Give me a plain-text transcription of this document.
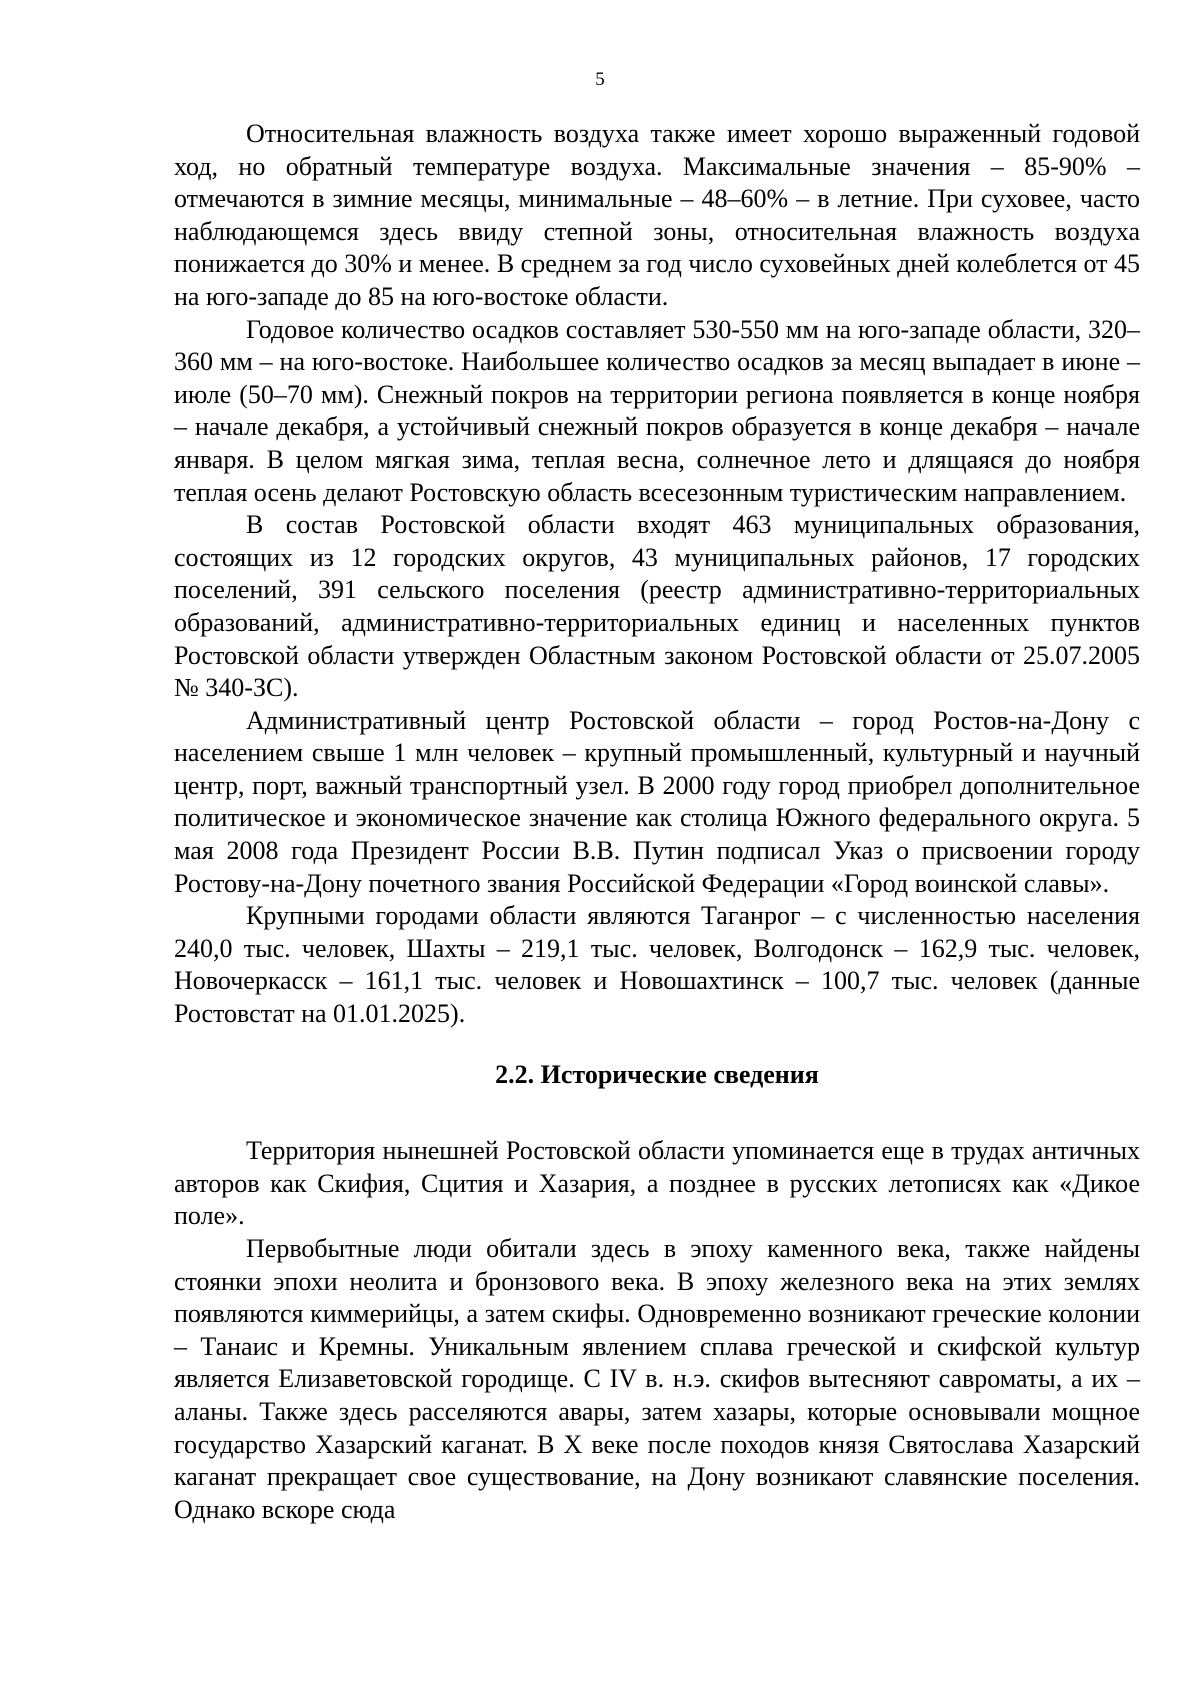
5

Относительная влажность воздуха также имеет хорошо выраженный годовой ход, но обратный температуре воздуха. Максимальные значения – 85-90% – отмечаются в зимние месяцы, минимальные – 48–60% – в летние. При суховее, часто наблюдающемся здесь ввиду степной зоны, относительная влажность воздуха понижается до 30% и менее. В среднем за год число суховейных дней колеблется от 45 на юго-западе до 85 на юго-востоке области.

Годовое количество осадков составляет 530-550 мм на юго-западе области, 320–360 мм – на юго-востоке. Наибольшее количество осадков за месяц выпадает в июне – июле (50–70 мм). Снежный покров на территории региона появляется в конце ноября – начале декабря, а устойчивый снежный покров образуется в конце декабря – начале января. В целом мягкая зима, теплая весна, солнечное лето и длящаяся до ноября теплая осень делают Ростовскую область всесезонным туристическим направлением.

В состав Ростовской области входят 463 муниципальных образования, состоящих из 12 городских округов, 43 муниципальных районов, 17 городских поселений, 391 сельского поселения (реестр административно-территориальных образований, административно-территориальных единиц и населенных пунктов Ростовской области утвержден Областным законом Ростовской области от 25.07.2005 № 340-ЗС).

Административный центр Ростовской области – город Ростов-на-Дону с населением свыше 1 млн человек – крупный промышленный, культурный и научный центр, порт, важный транспортный узел. В 2000 году город приобрел дополнительное политическое и экономическое значение как столица Южного федерального округа. 5 мая 2008 года Президент России В.В. Путин подписал Указ о присвоении городу Ростову-на-Дону почетного звания Российской Федерации «Город воинской славы».

Крупными городами области являются Таганрог – с численностью населения 240,0 тыс. человек, Шахты – 219,1 тыс. человек, Волгодонск – 162,9 тыс. человек, Новочеркасск – 161,1 тыс. человек и Новошахтинск – 100,7 тыс. человек (данные Ростовстат на 01.01.2025).

2.2. Исторические сведения

Территория нынешней Ростовской области упоминается еще в трудах античных авторов как Скифия, Сцития и Хазария, а позднее в русских летописях как «Дикое поле».

Первобытные люди обитали здесь в эпоху каменного века, также найдены стоянки эпохи неолита и бронзового века. В эпоху железного века на этих землях появляются киммерийцы, а затем скифы. Одновременно возникают греческие колонии – Танаис и Кремны. Уникальным явлением сплава греческой и скифской культур является Елизаветовской городище. С IV в. н.э. скифов вытесняют савроматы, а их – аланы. Также здесь расселяются авары, затем хазары, которые основывали мощное государство Хазарский каганат. В X веке после походов князя Святослава Хазарский каганат прекращает свое существование, на Дону возникают славянские поселения. Однако вскоре сюда
